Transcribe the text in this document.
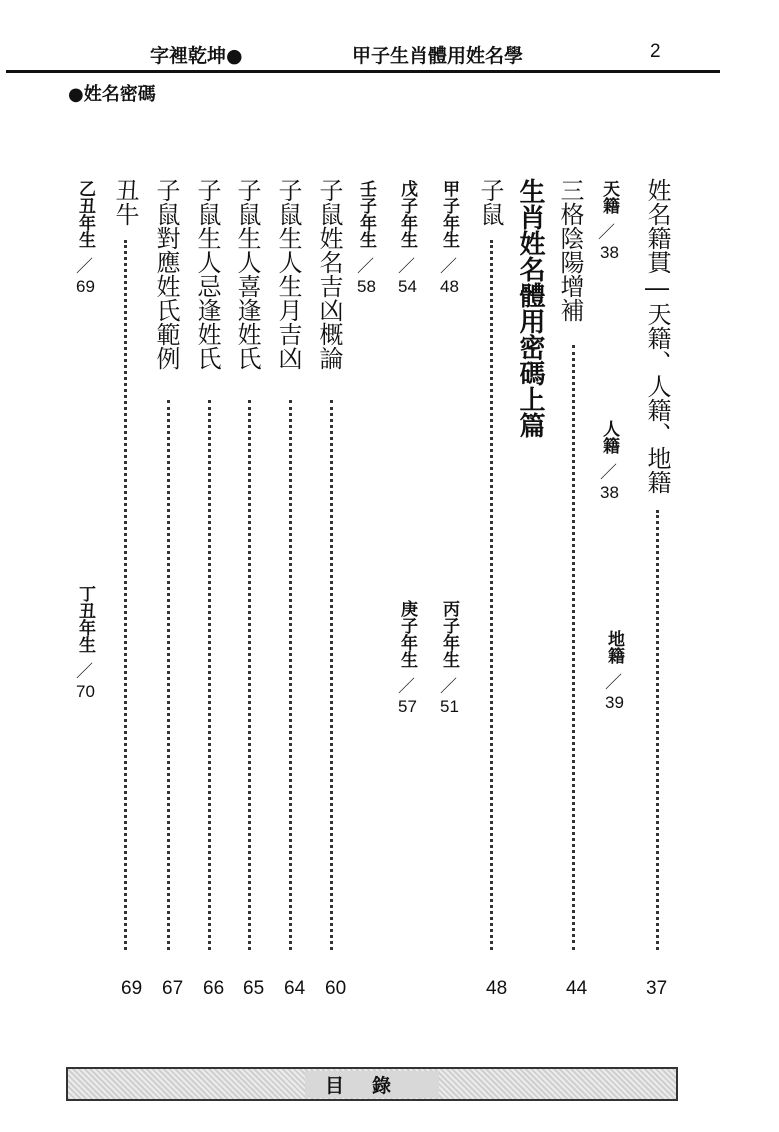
字裡乾坤●	甲子生肖體用姓名學	2
●姓名密碼
姓名籍貫―天籍、人籍、地籍
37
天籍
／
38
人籍
／
38
地籍
／
39
三格陰陽增補
44
生肖姓名體用密碼上篇
子鼠
48
甲子年生
／
48
丙子年生
／
51
戊子年生
／
54
庚子年生
／
57
壬子年生
／
58
子鼠姓名吉凶概論
60
子鼠生人生月吉凶
64
子鼠生人喜逢姓氏
65
子鼠生人忌逢姓氏
66
子鼠對應姓氏範例
67
丑牛
69
乙丑年生
／
69
丁丑年生
／
70
目錄
